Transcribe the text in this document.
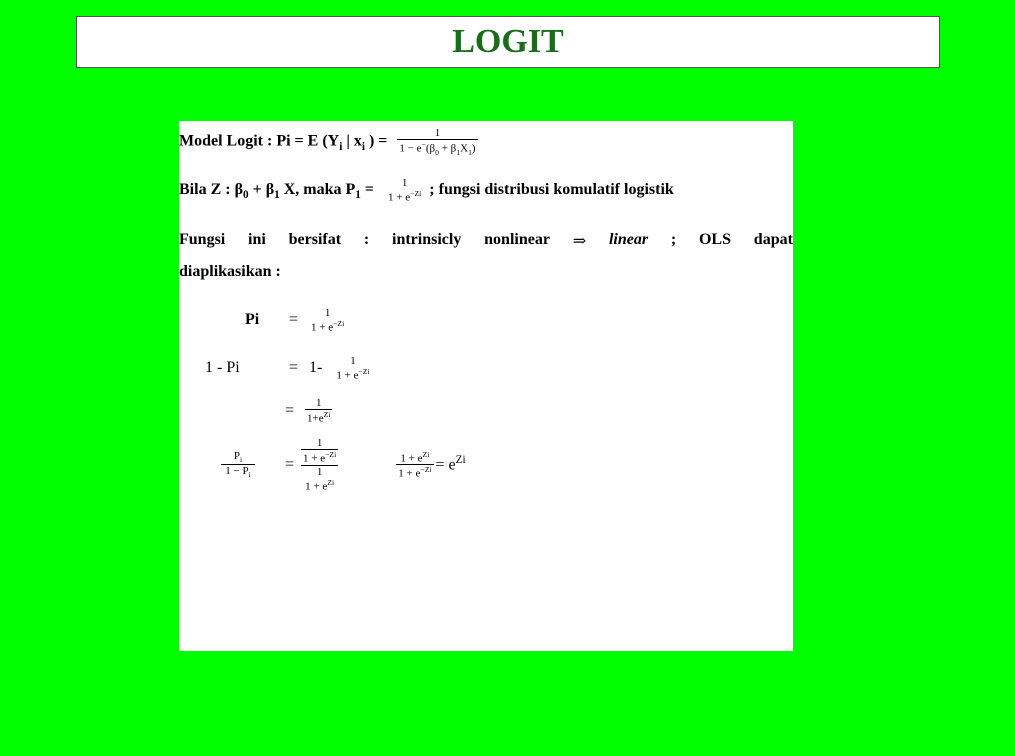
LOGIT
Model Logit : Pi = E ($Y_i$ | $x_i$ ) = $\frac{1}{1 - e^-(\beta_0 + \beta_1X_1)}$
Bila Z : $\beta_0 + \beta_1$ X, maka $P_1$ =	1
$1 + e^{-Zi}$ ; fungsi distribusi komulatif logistik
Fungsi ini bersifat : intrinsicly nonlinear ⇒ linear ; OLS dapat
diaplikasikan :
Pi =	1
$1 + e^{-Zi}$
1 - Pi	= 1-	1
$1 + e^{-Zi}$
= $\frac{1}{1+e^{Zi}}$
$\frac{P_i}{1 - P_i}$ =
1
$1 + e^{-Zi}$
1
$1 + e^{Zi}$
$\frac{1 + e^{Zi}}{1 + e^{-Zi}} = e^{Zi}$
